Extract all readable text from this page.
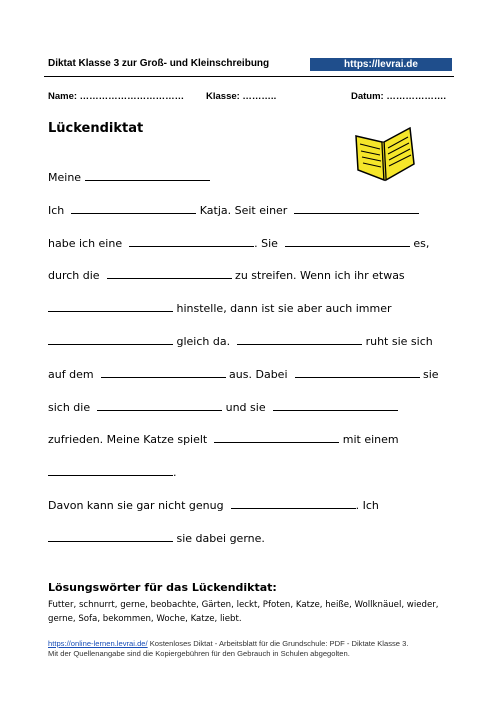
Diktat Klasse 3 zur Groß- und Kleinschreibung	https://levrai.de
Name: …………………………… Klasse: ………..	Datum: ……………….
Lückendiktat
Meine
Ich	Katja. Seit einer
habe ich eine	. Sie	es,
durch die	zu streifen. Wenn ich ihr etwas
hinstelle, dann ist sie aber auch immer
gleich da.	ruht sie sich
auf dem	aus. Dabei	sie
sich die	und sie
zufrieden. Meine Katze spielt	mit einem
.
Davon kann sie gar nicht genug	. Ich
sie dabei gerne.
Lösungswörter für das Lückendiktat:
Futter, schnurrt, gerne, beobachte, Gärten, leckt, Pfoten, Katze, heiße, Wollknäuel, wieder, gerne, Sofa, bekommen, Woche, Katze, liebt.
https://online-lernen.levrai.de/ Kostenloses Diktat - Arbeitsblatt für die Grundschule: PDF - Diktate Klasse 3.
Mit der Quellenangabe sind die Kopiergebühren für den Gebrauch in Schulen abgegolten.
